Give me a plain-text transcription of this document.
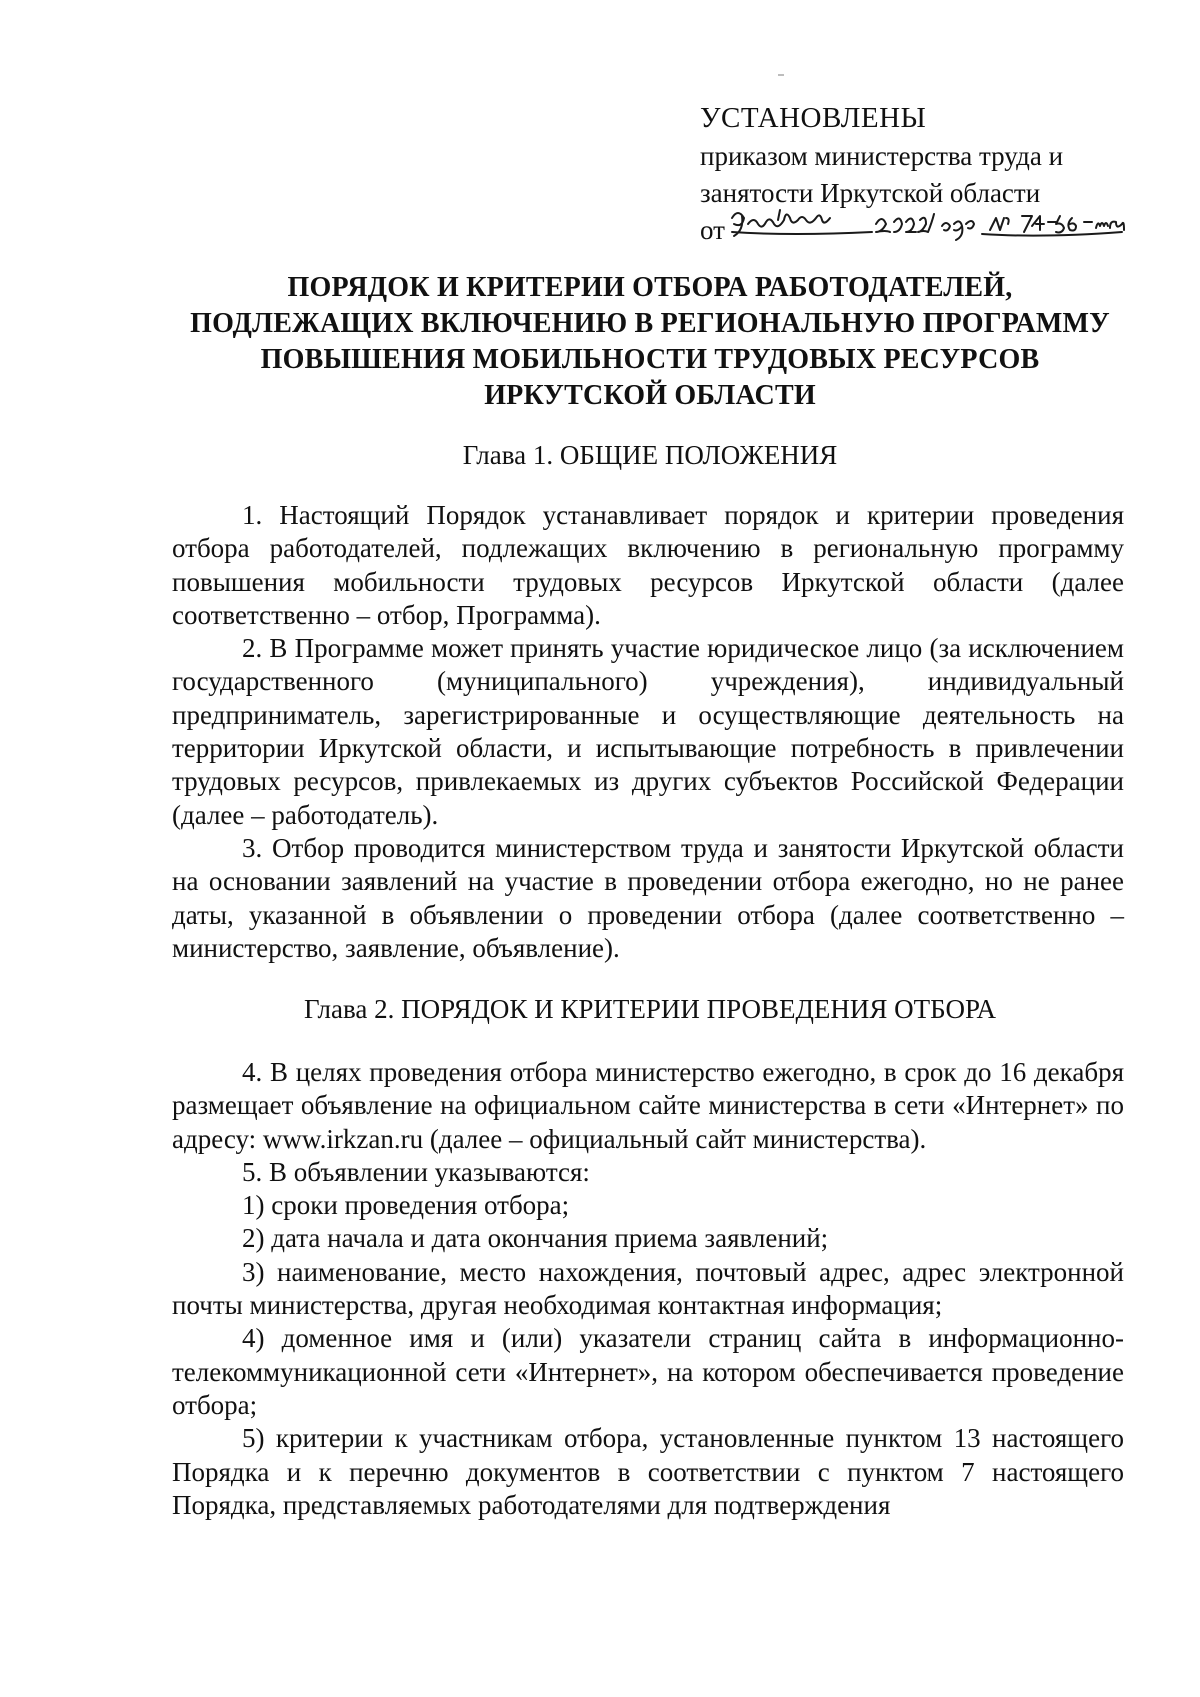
УСТАНОВЛЕНЫ
приказом министерства труда и
занятости Иркутской области
от
ПОРЯДОК И КРИТЕРИИ ОТБОРА РАБОТОДАТЕЛЕЙ,
ПОДЛЕЖАЩИХ ВКЛЮЧЕНИЮ В РЕГИОНАЛЬНУЮ ПРОГРАММУ
ПОВЫШЕНИЯ МОБИЛЬНОСТИ ТРУДОВЫХ РЕСУРСОВ
ИРКУТСКОЙ ОБЛАСТИ
Глава 1. ОБЩИЕ ПОЛОЖЕНИЯ

1. Настоящий Порядок устанавливает порядок и критерии проведения отбора работодателей, подлежащих включению в региональную программу повышения мобильности трудовых ресурсов Иркутской области (далее соответственно – отбор, Программа).

2. В Программе может принять участие юридическое лицо (за исключением государственного (муниципального) учреждения), индивидуальный предприниматель, зарегистрированные и осуществляющие деятельность на территории Иркутской области, и испытывающие потребность в привлечении трудовых ресурсов, привлекаемых из других субъектов Российской Федерации (далее – работодатель).

3. Отбор проводится министерством труда и занятости Иркутской области на основании заявлений на участие в проведении отбора ежегодно, но не ранее даты, указанной в объявлении о проведении отбора (далее соответственно – министерство, заявление, объявление).

Глава 2. ПОРЯДОК И КРИТЕРИИ ПРОВЕДЕНИЯ ОТБОРА

4. В целях проведения отбора министерство ежегодно, в срок до 16 декабря размещает объявление на официальном сайте министерства в сети «Интернет» по адресу: www.irkzan.ru (далее – официальный сайт министерства).

5. В объявлении указываются:

1) сроки проведения отбора;

2) дата начала и дата окончания приема заявлений;

3) наименование, место нахождения, почтовый адрес, адрес электронной почты министерства, другая необходимая контактная информация;

4) доменное имя и (или) указатели страниц сайта в информационно-телекоммуникационной сети «Интернет», на котором обеспечивается проведение отбора;

5) критерии к участникам отбора, установленные пунктом 13 настоящего Порядка и к перечню документов в соответствии с пунктом 7 настоящего Порядка, представляемых работодателями для подтверждения
